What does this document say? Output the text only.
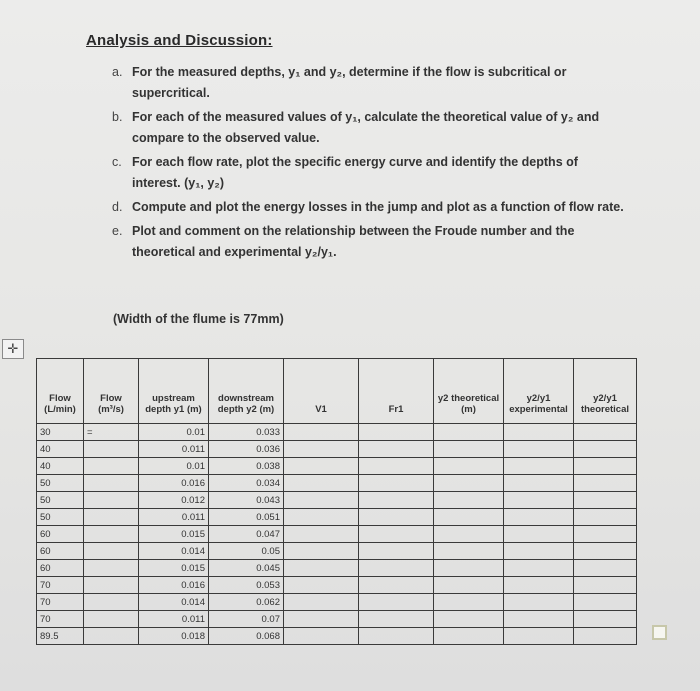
Analysis and Discussion:
a. For the measured depths, y₁ and y₂, determine if the flow is subcritical or supercritical.
b. For each of the measured values of y₁, calculate the theoretical value of y₂ and compare to the observed value.
c. For each flow rate, plot the specific energy curve and identify the depths of interest. (y₁, y₂)
d. Compute and plot the energy losses in the jump and plot as a function of flow rate.
e. Plot and comment on the relationship between the Froude number and the theoretical and experimental y₂/y₁.
(Width of the flume is 77mm)
✛
Flow (L/min)	Flow (m³/s)	upstream depth y1 (m)	downstream depth y2 (m)	V1	Fr1	y2 theoretical (m)	y2/y1 experimental	y2/y1 theoretical
30	=	0.01	0.033					
40		0.011	0.036					
40		0.01	0.038					
50		0.016	0.034					
50		0.012	0.043					
50		0.011	0.051					
60		0.015	0.047					
60		0.014	0.05					
60		0.015	0.045					
70		0.016	0.053					
70		0.014	0.062					
70		0.011	0.07					
89.5		0.018	0.068					
